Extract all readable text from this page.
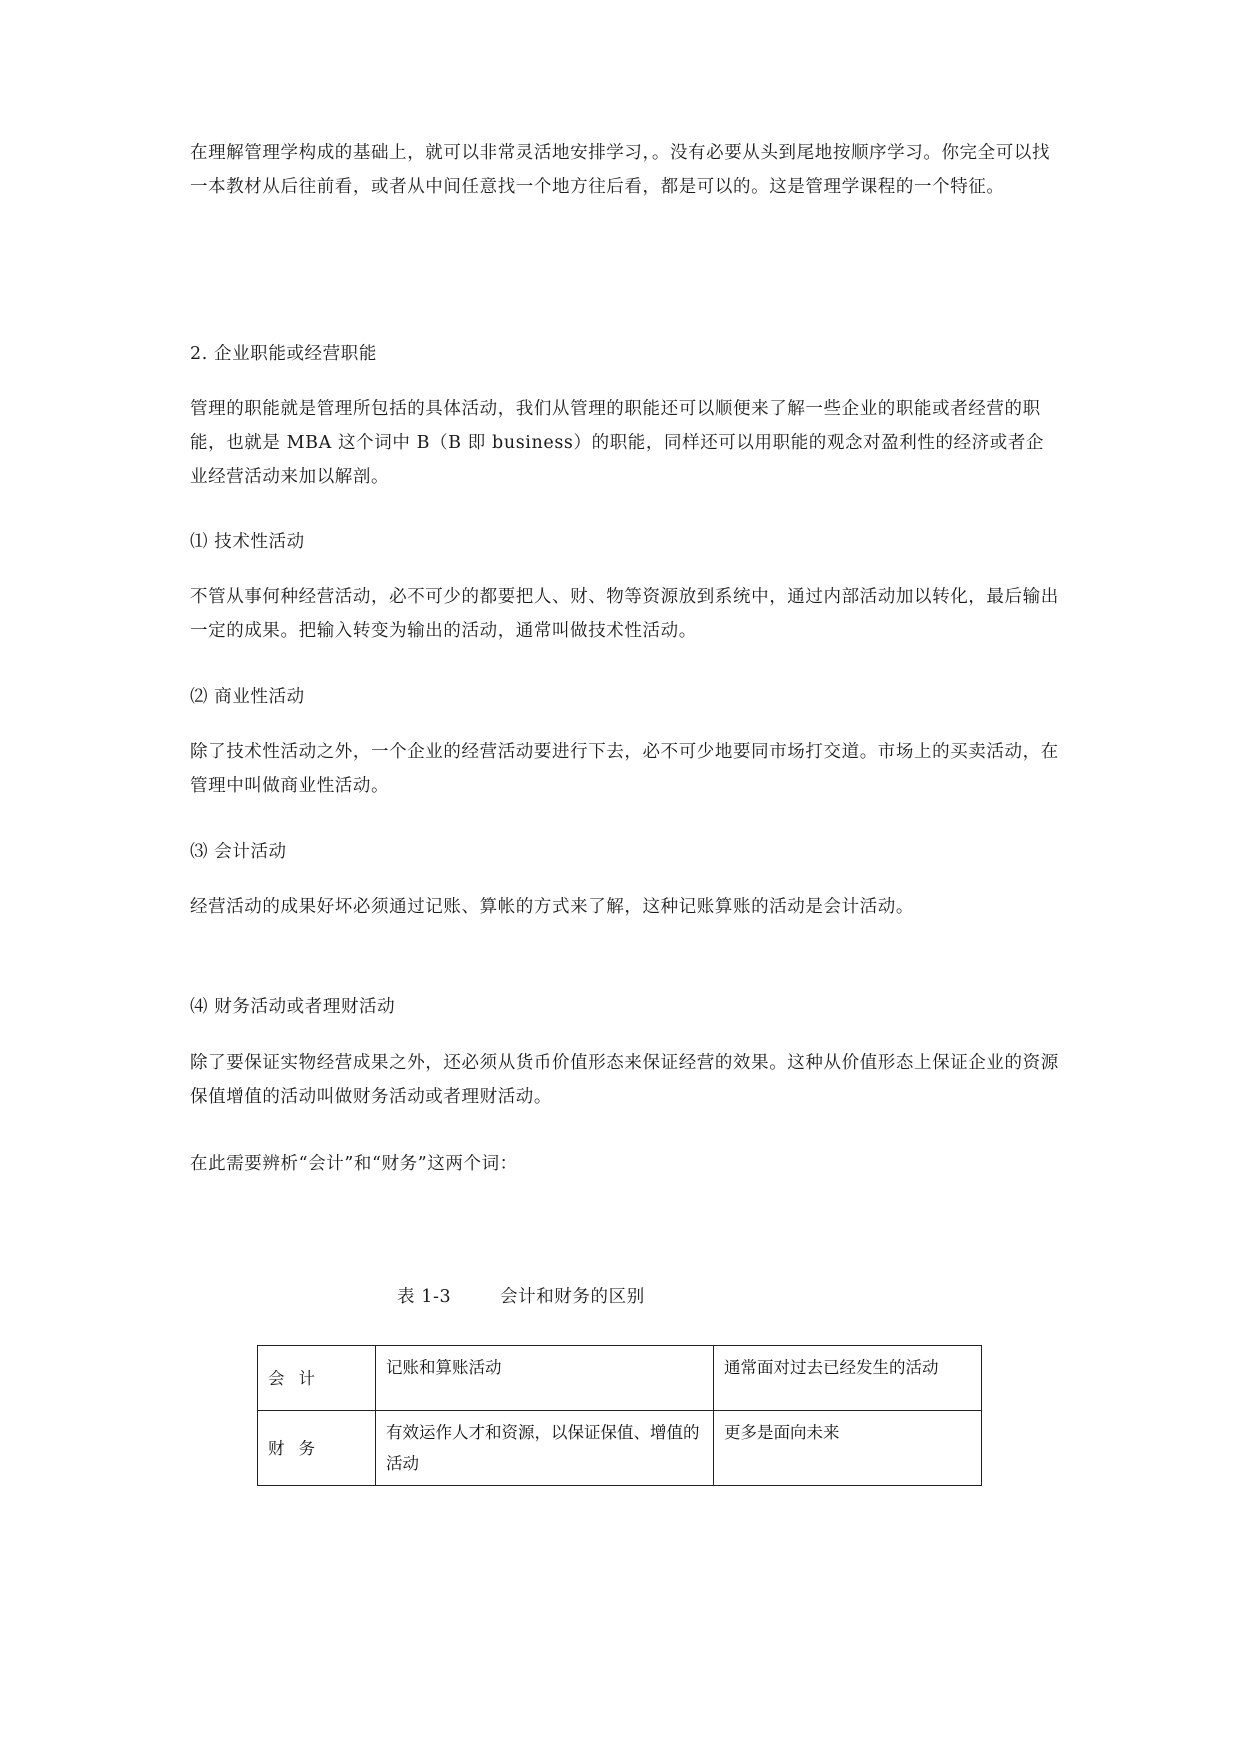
在理解管理学构成的基础上，就可以非常灵活地安排学习，。没有必要从头到尾地按顺序学习。你完全可以找一本教材从后往前看，或者从中间任意找一个地方往后看，都是可以的。这是管理学课程的一个特征。

2. 企业职能或经营职能

管理的职能就是管理所包括的具体活动，我们从管理的职能还可以顺便来了解一些企业的职能或者经营的职能，也就是 MBA 这个词中 B（B 即 business）的职能，同样还可以用职能的观念对盈利性的经济或者企业经营活动来加以解剖。

⑴ 技术性活动

不管从事何种经营活动，必不可少的都要把人、财、物等资源放到系统中，通过内部活动加以转化，最后输出一定的成果。把输入转变为输出的活动，通常叫做技术性活动。

⑵ 商业性活动

除了技术性活动之外，一个企业的经营活动要进行下去，必不可少地要同市场打交道。市场上的买卖活动，在管理中叫做商业性活动。

⑶ 会计活动

经营活动的成果好坏必须通过记账、算帐的方式来了解，这种记账算账的活动是会计活动。

⑷ 财务活动或者理财活动

除了要保证实物经营成果之外，还必须从货币价值形态来保证经营的效果。这种从价值形态上保证企业的资源保值增值的活动叫做财务活动或者理财活动。

在此需要辨析“会计”和“财务”这两个词：

表 1-3	会计和财务的区别
会计	记账和算账活动	通常面对过去已经发生的活动
财务	有效运作人才和资源，以保证保值、增值的活动	更多是面向未来
